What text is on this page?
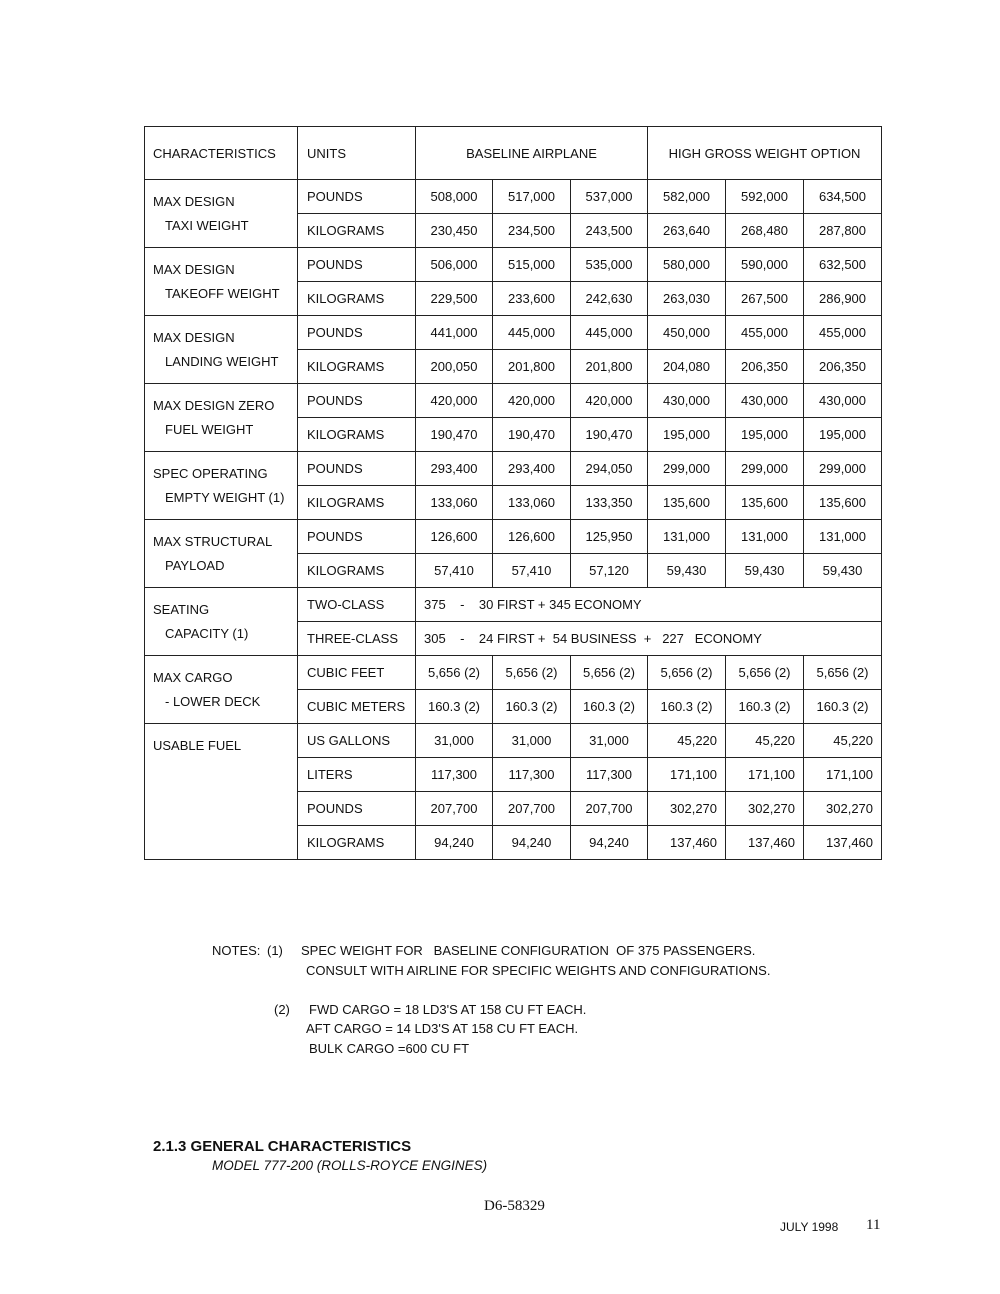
CHARACTERISTICS	UNITS	BASELINE AIRPLANE			HIGH GROSS WEIGHT OPTION		

MAX DESIGN
TAXI WEIGHT	POUNDS	508,000	517,000	537,000	582,000	592,000	634,500
	KILOGRAMS	230,450	234,500	243,500	263,640	268,480	287,800

MAX DESIGN
TAKEOFF WEIGHT	POUNDS	506,000	515,000	535,000	580,000	590,000	632,500
	KILOGRAMS	229,500	233,600	242,630	263,030	267,500	286,900

MAX DESIGN
LANDING WEIGHT	POUNDS	441,000	445,000	445,000	450,000	455,000	455,000
	KILOGRAMS	200,050	201,800	201,800	204,080	206,350	206,350

MAX DESIGN ZERO
FUEL WEIGHT	POUNDS	420,000	420,000	420,000	430,000	430,000	430,000
	KILOGRAMS	190,470	190,470	190,470	195,000	195,000	195,000

SPEC OPERATING
EMPTY WEIGHT (1)	POUNDS	293,400	293,400	294,050	299,000	299,000	299,000
	KILOGRAMS	133,060	133,060	133,350	135,600	135,600	135,600

MAX STRUCTURAL
PAYLOAD	POUNDS	126,600	126,600	125,950	131,000	131,000	131,000
	KILOGRAMS	57,410	57,410	57,120	59,430	59,430	59,430

SEATING
CAPACITY (1)	TWO-CLASS	375    -    30 FIRST + 345 ECONOMY					
	THREE-CLASS	305    -    24 FIRST +  54 BUSINESS  +   227   ECONOMY					

MAX CARGO
- LOWER DECK	CUBIC FEET	5,656 (2)	5,656 (2)	5,656 (2)	5,656 (2)	5,656 (2)	5,656 (2)
	CUBIC METERS	160.3 (2)	160.3 (2)	160.3 (2)	160.3 (2)	160.3 (2)	160.3 (2)

USABLE FUEL	US GALLONS	31,000	31,000	31,000	45,220	45,220	45,220
	LITERS	117,300	117,300	117,300	171,100	171,100	171,100
	POUNDS	207,700	207,700	207,700	302,270	302,270	302,270
	KILOGRAMS	94,240	94,240	94,240	137,460	137,460	137,460
NOTES: (1) SPEC WEIGHT FOR   BASELINE CONFIGURATION  OF 375 PASSENGERS.
CONSULT WITH AIRLINE FOR SPECIFIC WEIGHTS AND CONFIGURATIONS.
(2) FWD CARGO = 18 LD3'S AT 158 CU FT EACH.
AFT CARGO = 14 LD3'S AT 158 CU FT EACH.
BULK CARGO =600 CU FT
2.1.3 GENERAL CHARACTERISTICS
MODEL 777-200 (ROLLS-ROYCE ENGINES)
D6-58329
JULY 1998 11
